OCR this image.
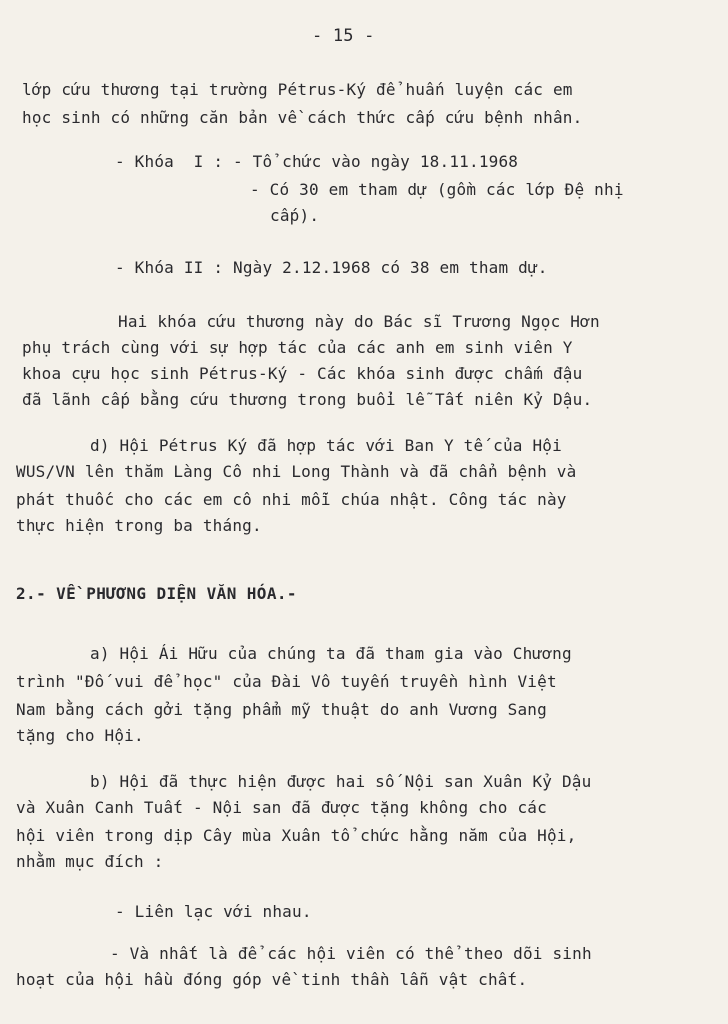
- 15 -
lớp cứu thương tại trường Pétrus-Ký để huấn luyện các em
học sinh có những căn bản về cách thức cấp cứu bệnh nhân.
- Khóa  I : - Tổ chức vào ngày 18.11.1968
- Có 30 em tham dự (gồm các lớp Đệ nhị
cấp).
- Khóa II : Ngày 2.12.1968 có 38 em tham dự.
Hai khóa cứu thương này do Bác sĩ Trương Ngọc Hơn
phụ trách cùng với sự hợp tác của các anh em sinh viên Y
khoa cựu học sinh Pétrus-Ký - Các khóa sinh được chấm đậu
đã lãnh cấp bằng cứu thương trong buổi lễ Tất niên Kỷ Dậu.
d) Hội Pétrus Ký đã hợp tác với Ban Y tế của Hội
WUS/VN lên thăm Làng Cô nhi Long Thành và đã chẩn bệnh và
phát thuốc cho các em cô nhi mỗi chúa nhật. Công tác này
thực hiện trong ba tháng.
2.- VỀ PHƯƠNG DIỆN VĂN HÓA.-
a) Hội Ái Hữu của chúng ta đã tham gia vào Chương
trình "Đố vui để học" của Đài Vô tuyến truyền hình Việt
Nam bằng cách gởi tặng phẩm mỹ thuật do anh Vương Sang
tặng cho Hội.
b) Hội đã thực hiện được hai số Nội san Xuân Kỷ Dậu
và Xuân Canh Tuất - Nội san đã được tặng không cho các
hội viên trong dịp Cây mùa Xuân tổ chức hằng năm của Hội,
nhằm mục đích :
- Liên lạc với nhau.
- Và nhất là để các hội viên có thể theo dõi sinh
hoạt của hội hầu đóng góp về tinh thần lẫn vật chất.
